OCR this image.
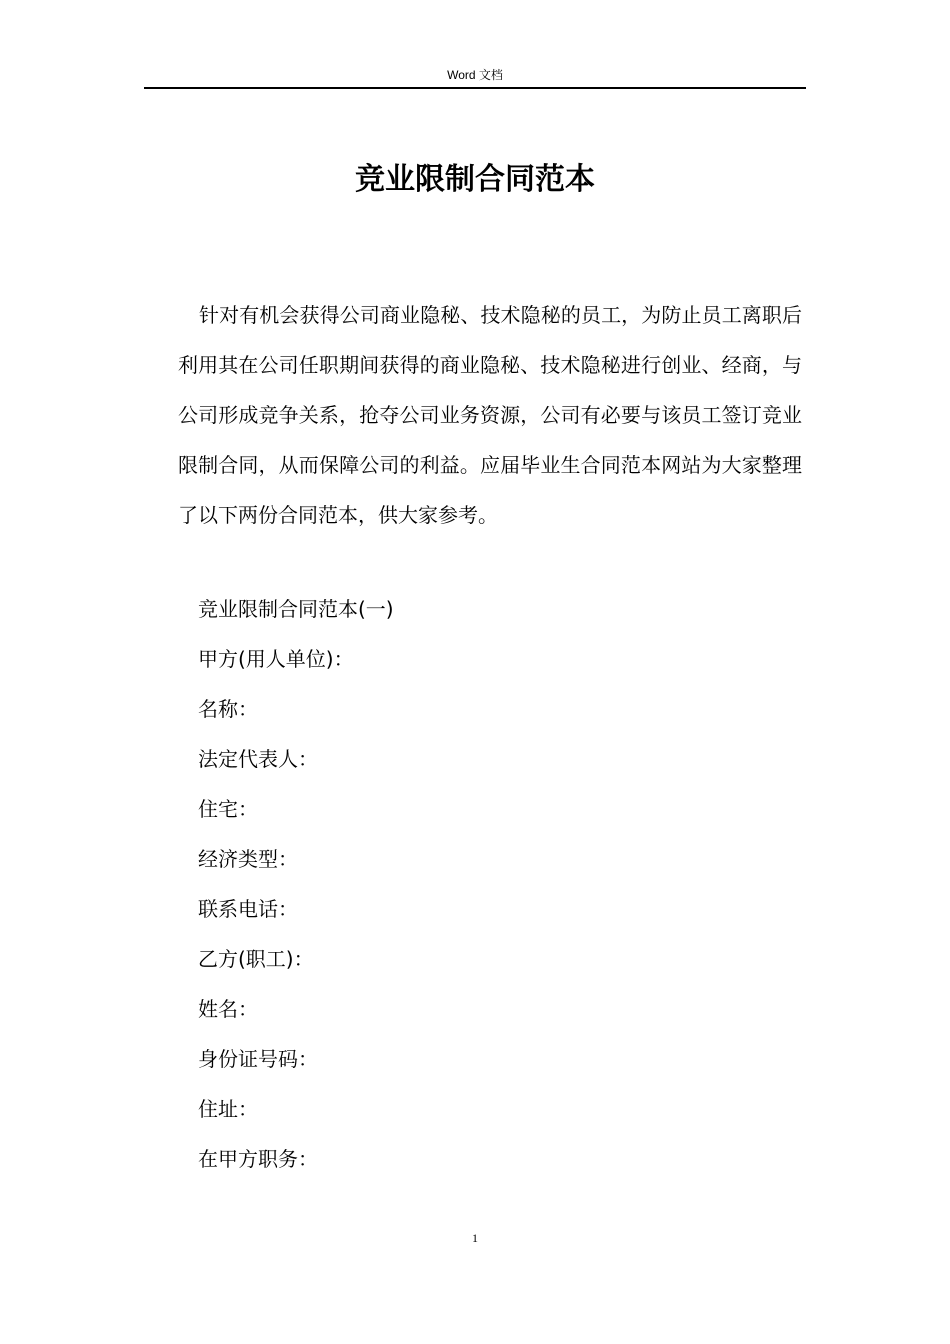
Word 文档
竞业限制合同范本

针对有机会获得公司商业隐秘、技术隐秘的员工，为防止员工离职后利用其在公司任职期间获得的商业隐秘、技术隐秘进行创业、经商，与公司形成竞争关系，抢夺公司业务资源，公司有必要与该员工签订竞业限制合同，从而保障公司的利益。应届毕业生合同范本网站为大家整理了以下两份合同范本，供大家参考。

竞业限制合同范本(一)
甲方(用人单位)：
名称：
法定代表人：
住宅：
经济类型：
联系电话：
乙方(职工)：
姓名：
身份证号码：
住址：
在甲方职务：
1
